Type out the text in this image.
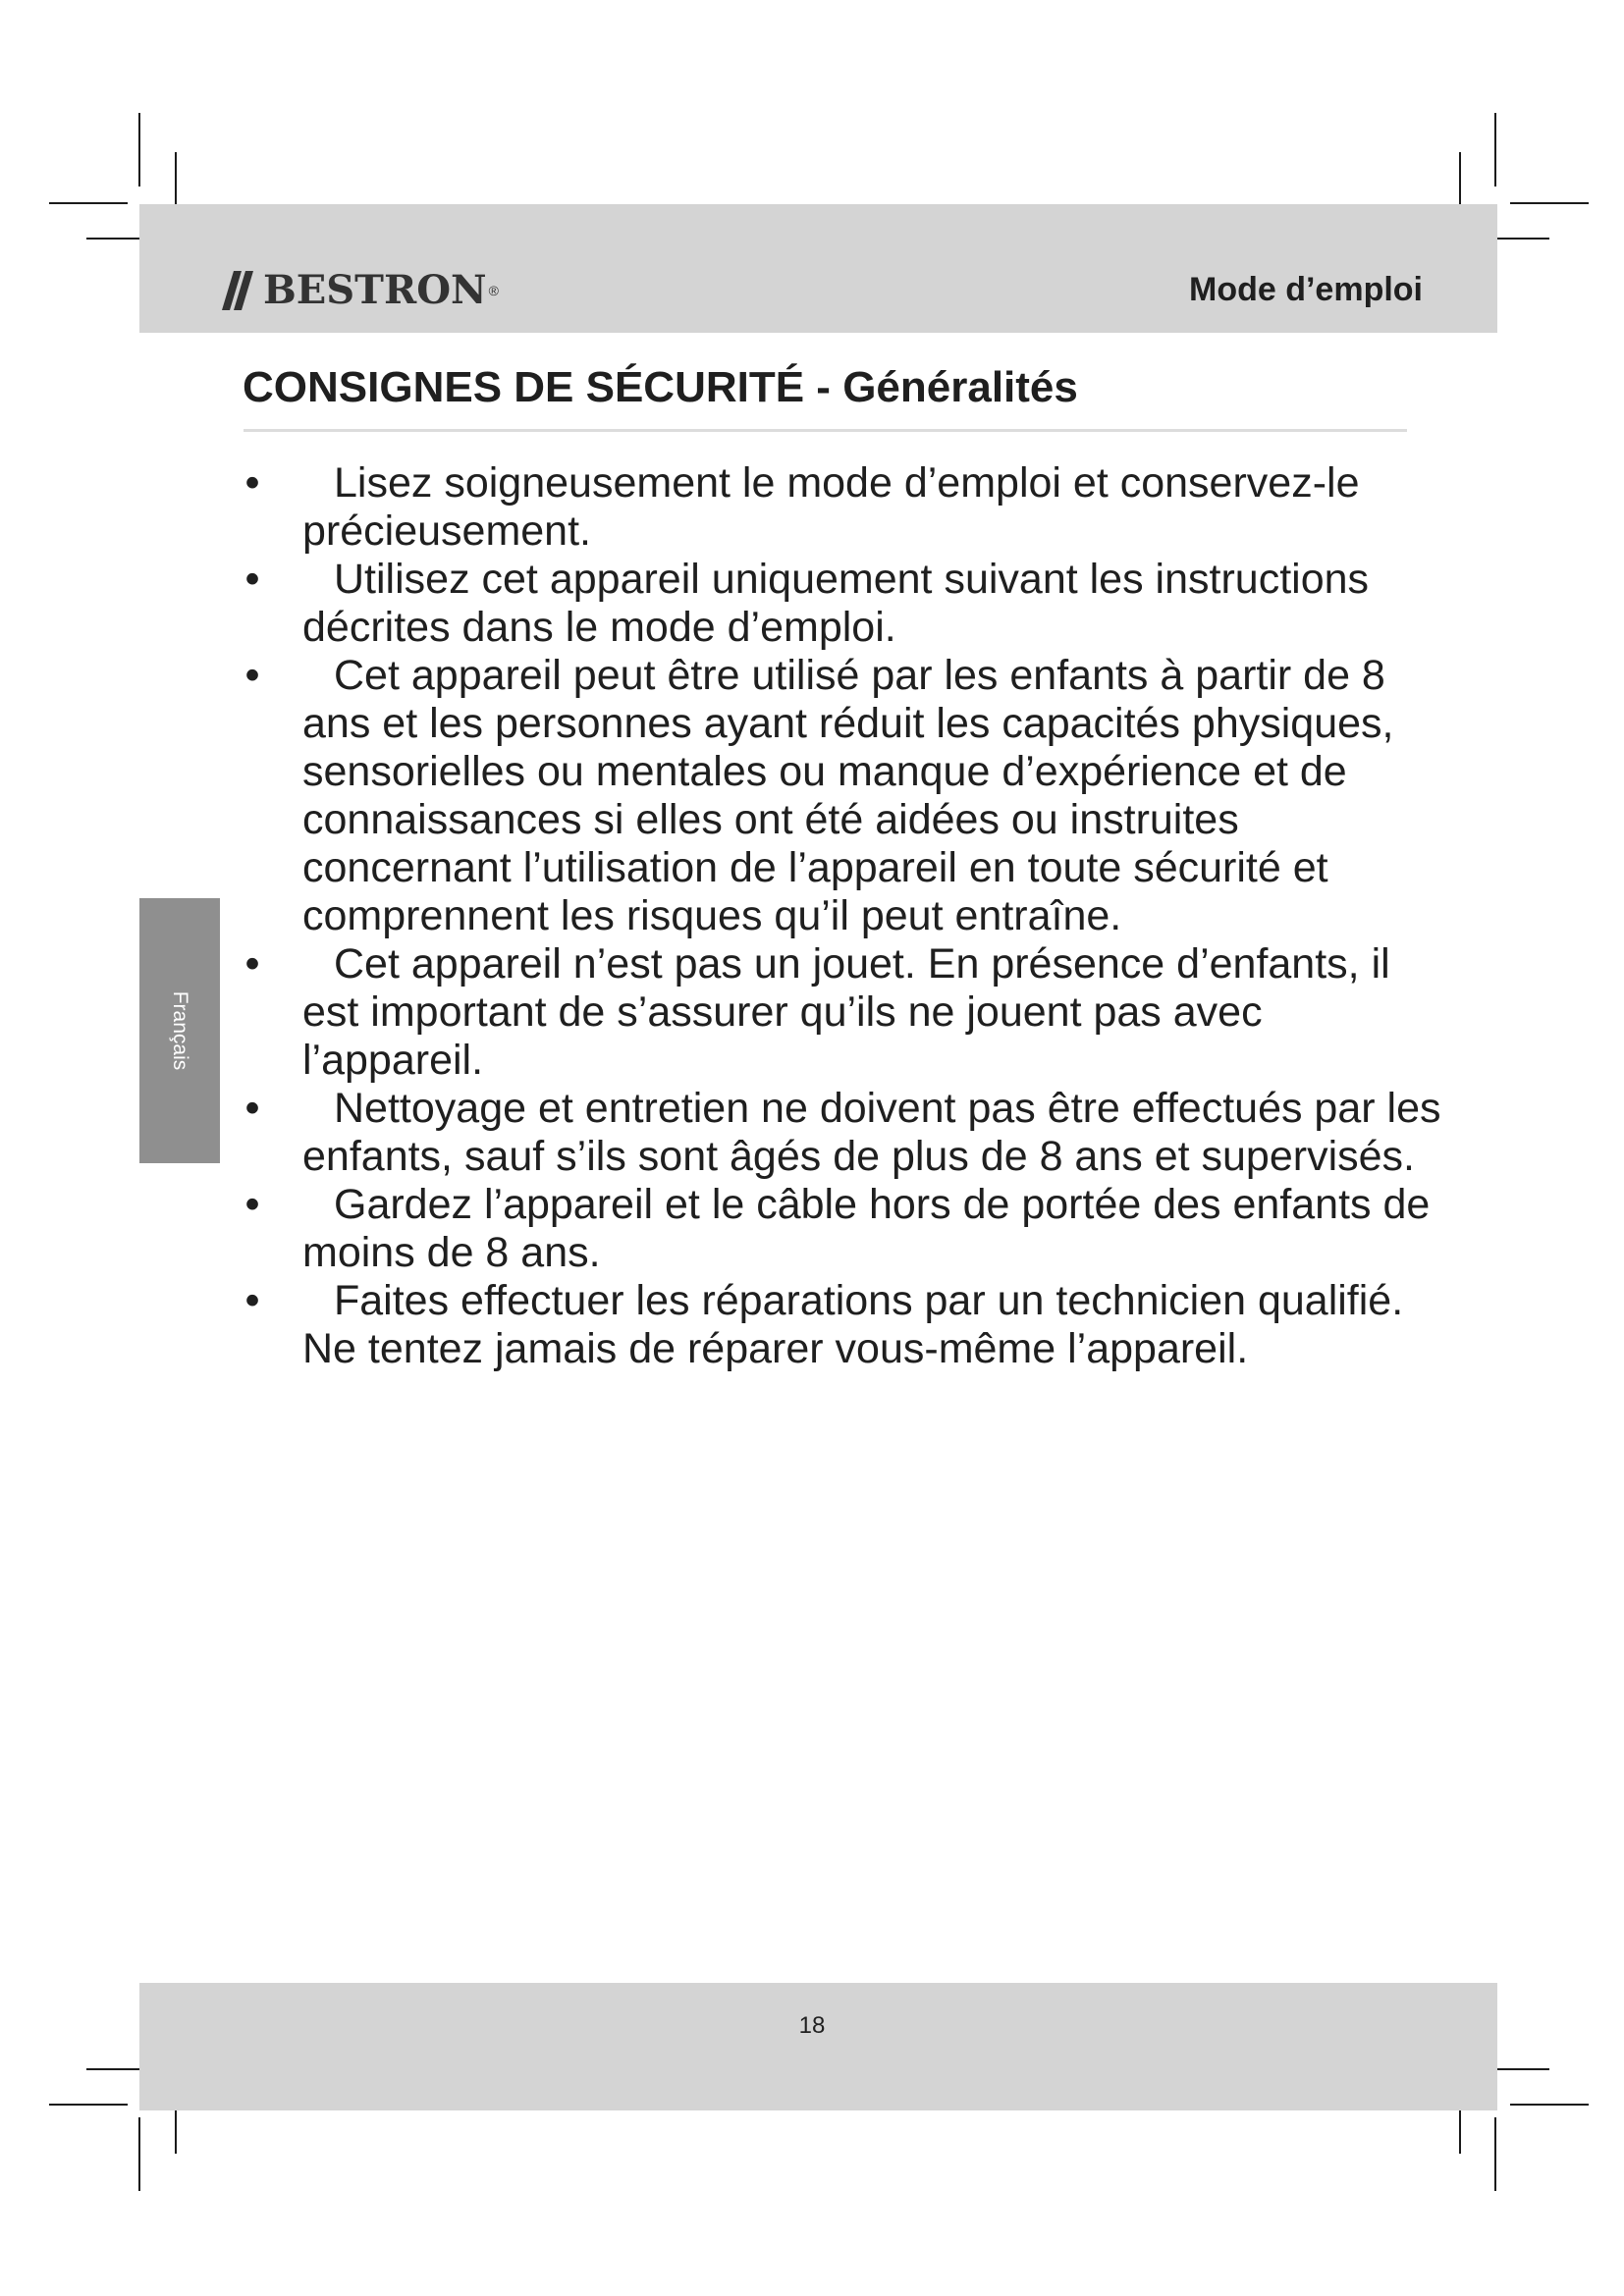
BESTRON ®	Mode d’emploi
Français
CONSIGNES DE SÉCURITÉ - Généralités
•	Lisez soigneusement le mode d’emploi et conservez-le précieusement.
•	Utilisez cet appareil uniquement suivant les instructions décrites dans le mode d’emploi.
•	Cet appareil peut être utilisé par les enfants à partir de 8 ans et les personnes ayant réduit les capacités physiques, sensorielles ou mentales ou manque d’expérience et de connaissances si elles ont été aidées ou instruites concernant l’utilisation de l’appareil en toute sécurité et comprennent les risques qu’il peut entraîne.
•	Cet appareil n’est pas un jouet. En présence d’enfants, il est important de s’assurer qu’ils ne jouent pas avec l’appareil.
•	Nettoyage et entretien ne doivent pas être effectués par les enfants, sauf s’ils sont âgés de plus de 8 ans et supervisés.
•	Gardez l’appareil et le câble hors de portée des enfants de moins de 8 ans.
•	Faites effectuer les réparations par un technicien qualifié. Ne tentez jamais de réparer vous-même l’appareil.
18
